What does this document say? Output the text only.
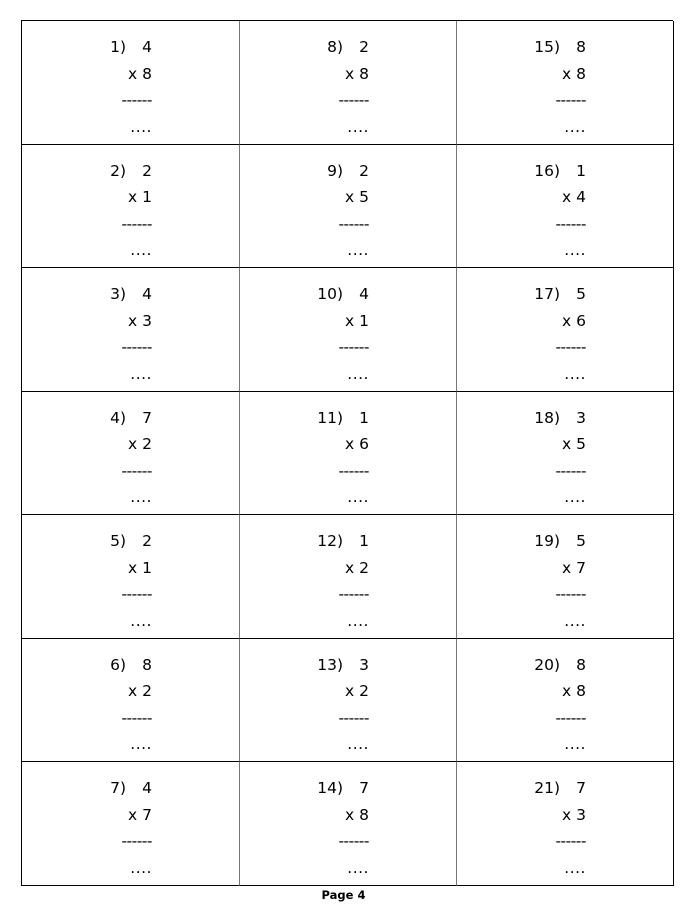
1)	4
x 8
------
....
8)	2
x 8
------
....
15)	8
x 8
------
....
2)	2
x 1
------
....
9)	2
x 5
------
....
16)	1
x 4
------
....
3)	4
x 3
------
....
10)	4
x 1
------
....
17)	5
x 6
------
....
4)	7
x 2
------
....
11)	1
x 6
------
....
18)	3
x 5
------
....
5)	2
x 1
------
....
12)	1
x 2
------
....
19)	5
x 7
------
....
6)	8
x 2
------
....
13)	3
x 2
------
....
20)	8
x 8
------
....
7)	4
x 7
------
....
14)	7
x 8
------
....
21)	7
x 3
------
....
Page 4
